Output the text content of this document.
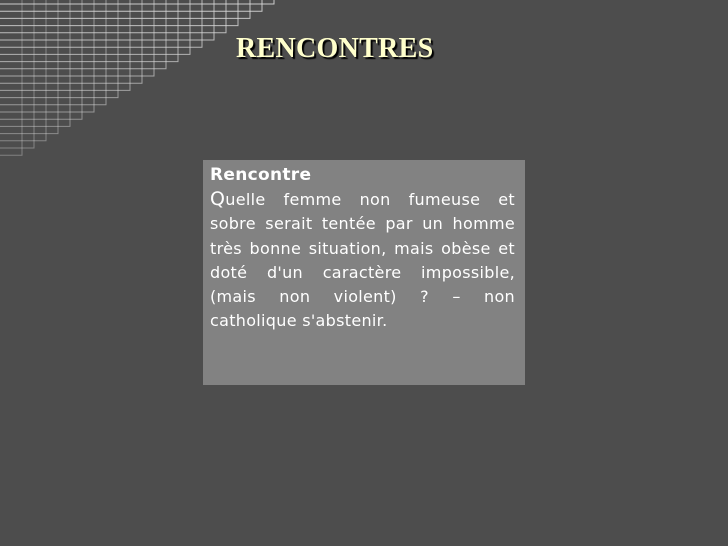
RENCONTRES

Rencontre

Quelle femme non fumeuse et sobre serait tentée par un homme très bonne situation, mais obèse et doté d'un caractère impossible, (mais non violent) ? – non catholique s'abstenir.
